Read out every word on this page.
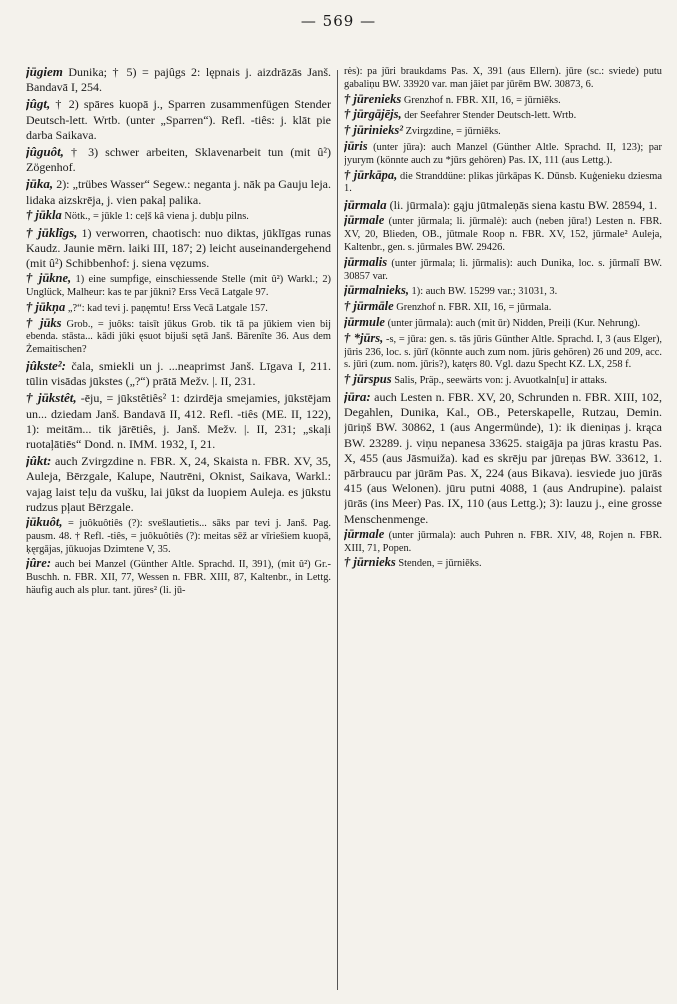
— 569 —

jūgiem Dunika; † 5) = pajûgs 2: lępnais j. aizdrāzās Janš. Bandavā I, 254.

jûgt, † 2) spāres kuopā j., Sparren zusammenfügen Stender Deutsch-lett. Wrtb. (unter „Sparren“). Refl. -tiês: j. klāt pie darba Saikava.

jûguôt, † 3) schwer arbeiten, Sklavenarbeit tun (mit û²) Zögenhof.

jūka, 2): „trübes Wasser“ Segew.: neganta j. nāk pa Gauju leja. lidaka aizskrēja, j. vien pakaļ palika.

† jūkla Nötk., = jūkle 1: ceļš kâ viena j. dubļu pilns.

† jūklîgs, 1) verworren, chaotisch: nuo diktas, jūklīgas runas Kaudz. Jaunie mērn. laiki III, 187; 2) leicht auseinandergehend (mit û²) Schibbenhof: j. siena vęzums.

† jūkne, 1) eine sumpfige, einschiessende Stelle (mit û²) Warkl.; 2) Unglück, Malheur: kas te par jūkni? Erss Vecā Latgale 97.

† jūkņa „?“: kad tevi j. paņęmtu! Erss Vecā Latgale 157.

† jūks Grob., = juôks: taisīt jūkus Grob. tik tā pa jūkiem vien bij ebenda. stāsta... kādi jūki ęsuot bijuši sętā Janš. Bārenīte 36. Aus dem Żemaitischen?

jûkste²: čala, smiekli un j. ...neaprimst Janš. Līgava I, 211. tūlin visādas jūkstes („?“) prātā Mežv. |. II, 231.

† jūkstêt, -ēju, = jūkstêtiês² 1: dzirdēja smejamies, jūkstējam un... dziedam Janš. Bandavā II, 412. Refl. -tiês (ME. II, 122), 1): meitām... tik jārētiês, j. Janš. Mežv. |. II, 231; „skaļi ruotaļātiēs“ Dond. n. IMM. 1932, I, 21.

jûkt: auch Zvirgzdine n. FBR. X, 24, Skaista n. FBR. XV, 35, Auleja, Bērzgale, Kalupe, Nautrēni, Oknist, Saikava, Warkl.: vajag laist teļu da vušku, lai jūkst da luopiem Auleja. es jūkstu rudzus pļaut Bērzgale.

jūkuôt, = juôkuôtiês (?): svešlautietis... sāks par tevi j. Janš. Pag. pausm. 48. † Refl. -tiês, = juôkuôtiês (?): meitas sēž ar vīriešiem kuopā, ķęrgājas, jūkuojas Dzimtene V, 35.

jûre: auch bei Manzel (Günther Altle. Sprachd. II, 391), (mit û²) Gr.-Buschh. n. FBR. XII, 77, Wessen n. FBR. XIII, 87, Kaltenbr., in Lettg. häufig auch als plur. tant. jūres² (li. jū-

rės): pa jūri braukdams Pas. X, 391 (aus Ellern). jūre (sc.: sviede) putu gabaliņu BW. 33920 var. man jāiet par jūrēm BW. 30873, 6.

† jūrenieks Grenzhof n. FBR. XII, 16, = jūrniēks.

† jūrgājējs, der Seefahrer Stender Deutsch-lett. Wrtb.

† jūrinieks² Zvirgzdine, = jūrniēks.

jūris (unter jūra): auch Manzel (Günther Altle. Sprachd. II, 123); par jyurym (könnte auch zu *jūrs gehören) Pas. IX, 111 (aus Lettg.).

† jūrkāpa, die Stranddüne: plikas jūrkāpas K. Dūnsb. Kuģenieku dziesma 1.

jūrmala (li. jūrmala): gąju jūtmaleņās siena kastu BW. 28594, 1.

jūrmale (unter jūrmala; li. jūrmalė): auch (neben jūra!) Lesten n. FBR. XV, 20, Blieden, OB., jūtmale Roop n. FBR. XV, 152, jūrmale² Auleja, Kaltenbr., gen. s. jūrmales BW. 29426.

jūrmalis (unter jūrmala; li. jūrmalis): auch Dunika, loc. s. jūrmalī BW. 30857 var.

jūrmalnieks, 1): auch BW. 15299 var.; 31031, 3.

† jūrmāle Grenzhof n. FBR. XII, 16, = jūrmala.

jūrmule (unter jūrmala): auch (mit ūr) Nidden, Preiļi (Kur. Nehrung).

† *jūrs, -s, = jūra: gen. s. tās jūris Günther Altle. Sprachd. I, 3 (aus Elger), jūris 236, loc. s. jūrī (könnte auch zum nom. jūris gehören) 26 und 209, acc. s. jūri (zum. nom. jūris?), katęrs 80. Vgl. dazu Specht KZ. LX, 258 f.

† jūrspus Salis, Präp., seewärts von: j. Avuotkaln[u] ir attaks.

jūra: auch Lesten n. FBR. XV, 20, Schrunden n. FBR. XIII, 102, Degahlen, Dunika, Kal., OB., Peterskapelle, Rutzau, Demin. jūriņš BW. 30862, 1 (aus Angermünde), 1): ik dieniņas j. krąca BW. 23289. j. viņu nepanesa 33625. staigāja pa jūras krastu Pas. X, 455 (aus Jāsmuiža). kad es skrēju par jūreņas BW. 33612, 1. pārbraucu par jūrām Pas. X, 224 (aus Bikava). iesviede juo jūrās 415 (aus Welonen). jūru putni 4088, 1 (aus Andrupine). palaist jūrās (ins Meer) Pas. IX, 110 (aus Lettg.); 3): lauzu j., eine grosse Menschenmenge.

jūrmale (unter jūrmala): auch Puhren n. FBR. XIV, 48, Rojen n. FBR. XIII, 71, Popen.

† jūrnieks Stenden, = jūrniēks.
